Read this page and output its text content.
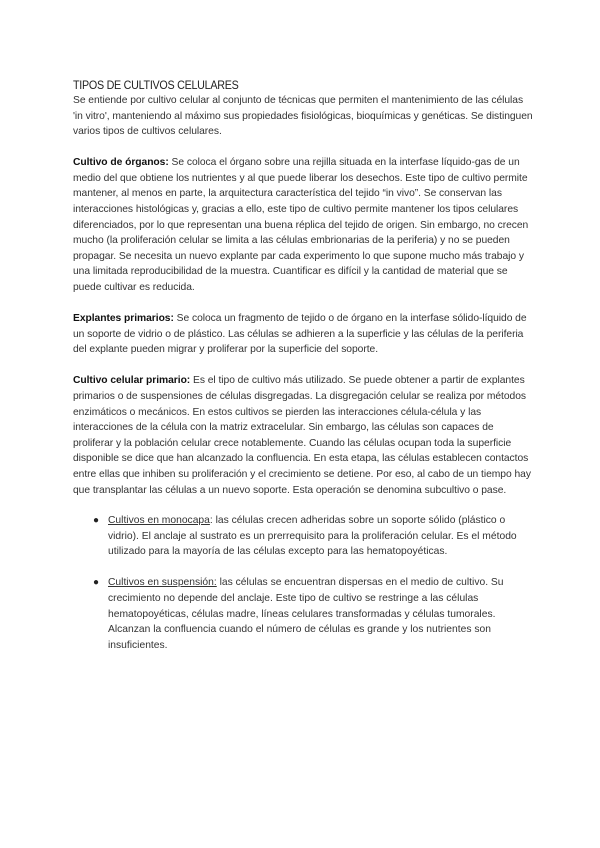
TIPOS DE CULTIVOS CELULARES

Se entiende por cultivo celular al conjunto de técnicas que permiten el mantenimiento de las células 'in vitro', manteniendo al máximo sus propiedades fisiológicas, bioquímicas y genéticas. Se distinguen varios tipos de cultivos celulares.

Cultivo de órganos: Se coloca el órgano sobre una rejilla situada en la interfase líquido-gas de un medio del que obtiene los nutrientes y al que puede liberar los desechos. Este tipo de cultivo permite mantener, al menos en parte, la arquitectura característica del tejido “in vivo”. Se conservan las interacciones histológicas y, gracias a ello, este tipo de cultivo permite mantener los tipos celulares diferenciados, por lo que representan una buena réplica del tejido de origen. Sin embargo, no crecen mucho (la proliferación celular se limita a las células embrionarias de la periferia) y no se pueden propagar. Se necesita un nuevo explante par cada experimento lo que supone mucho más trabajo y una limitada reproducibilidad de la muestra. Cuantificar es difícil y la cantidad de material que se puede cultivar es reducida.

Explantes primarios: Se coloca un fragmento de tejido o de órgano en la interfase sólido-líquido de un soporte de vidrio o de plástico. Las células se adhieren a la superficie y las células de la periferia del explante pueden migrar y proliferar por la superficie del soporte.

Cultivo celular primario: Es el tipo de cultivo más utilizado. Se puede obtener a partir de explantes primarios o de suspensiones de células disgregadas. La disgregación celular se realiza por métodos enzimáticos o mecánicos. En estos cultivos se pierden las interacciones célula-célula y las interacciones de la célula con la matriz extracelular. Sin embargo, las células son capaces de proliferar y la población celular crece notablemente. Cuando las células ocupan toda la superficie disponible se dice que han alcanzado la confluencia. En esta etapa, las células establecen contactos entre ellas que inhiben su proliferación y el crecimiento se detiene. Por eso, al cabo de un tiempo hay que transplantar las células a un nuevo soporte. Esta operación se denomina subcultivo o pase.

● Cultivos en monocapa: las células crecen adheridas sobre un soporte sólido (plástico o vidrio). El anclaje al sustrato es un prerrequisito para la proliferación celular. Es el método utilizado para la mayoría de las células excepto para las hematopoyéticas.
● Cultivos en suspensión: las células se encuentran dispersas en el medio de cultivo. Su crecimiento no depende del anclaje. Este tipo de cultivo se restringe a las células hematopoyéticas, células madre, líneas celulares transformadas y células tumorales. Alcanzan la confluencia cuando el número de células es grande y los nutrientes son insuficientes.
